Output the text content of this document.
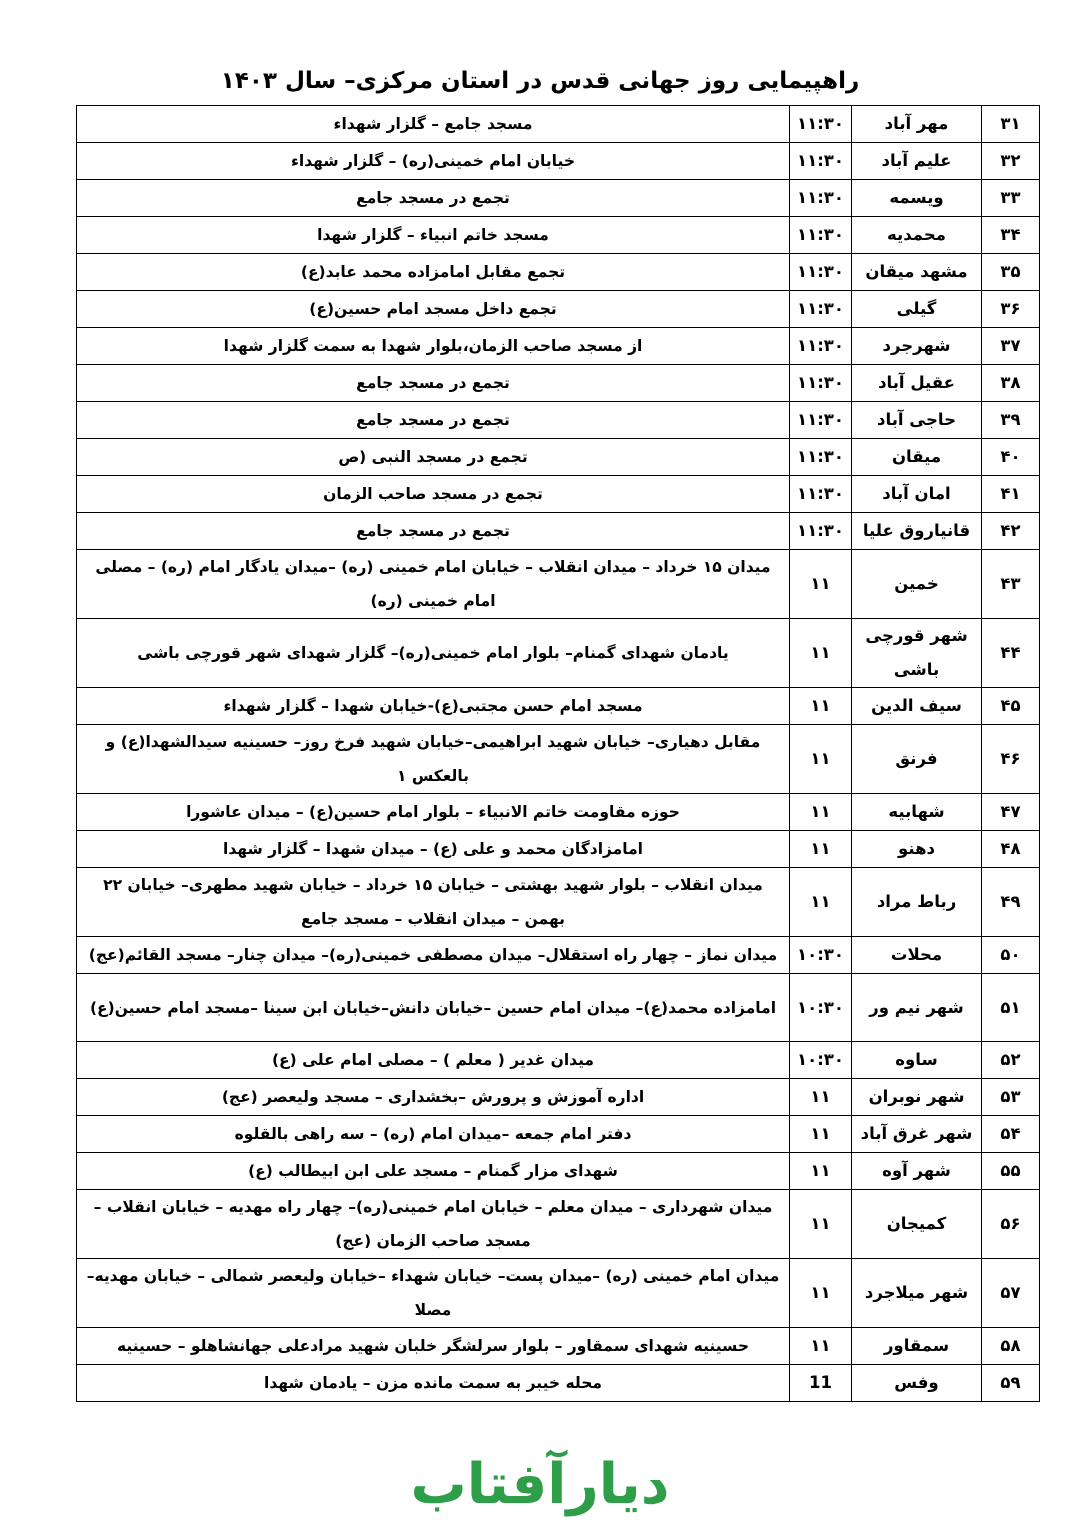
راهپیمایی روز جهانی قدس در استان مرکزی– سال ۱۴۰۳
۳۱	مهر آباد	۱۱:۳۰	مسجد جامع – گلزار شهداء
۳۲	علیم آباد	۱۱:۳۰	خیابان امام خمینی(ره) – گلزار شهداء
۳۳	ویسمه	۱۱:۳۰	تجمع در مسجد جامع
۳۴	محمدیه	۱۱:۳۰	مسجد خاتم انبیاء – گلزار شهدا
۳۵	مشهد میقان	۱۱:۳۰	تجمع مقابل امامزاده محمد عابد(ع)
۳۶	گیلی	۱۱:۳۰	تجمع داخل مسجد امام حسین(ع)
۳۷	شهرجرد	۱۱:۳۰	از مسجد صاحب الزمان،بلوار شهدا به سمت گلزار شهدا
۳۸	عقیل آباد	۱۱:۳۰	تجمع در مسجد جامع
۳۹	حاجی آباد	۱۱:۳۰	تجمع در مسجد جامع
۴۰	میقان	۱۱:۳۰	تجمع در مسجد النبی (ص
۴۱	امان آباد	۱۱:۳۰	تجمع در مسجد صاحب الزمان
۴۲	قانیاروق علیا	۱۱:۳۰	تجمع در مسجد جامع
۴۳	خمین	۱۱	میدان ۱۵ خرداد – میدان انقلاب – خیابان امام خمینی (ره) –میدان یادگار امام (ره) – مصلی امام خمینی (ره)
۴۴	شهر قورچی باشی	۱۱	یادمان شهدای گمنام– بلوار امام خمینی(ره)– گلزار شهدای شهر قورچی باشی
۴۵	سیف الدین	۱۱	مسجد امام حسن مجتبی(ع)-خیابان شهدا – گلزار شهداء
۴۶	فرنق	۱۱	مقابل دهیاری– خیابان شهید ابراهیمی–خیابان شهید فرخ روز– حسینیه سیدالشهدا(ع) و بالعکس ۱
۴۷	شهابیه	۱۱	حوزه مقاومت خاتم الانبیاء – بلوار امام حسین(ع) – میدان عاشورا
۴۸	دهنو	۱۱	امامزادگان محمد و علی (ع) – میدان شهدا – گلزار شهدا
۴۹	رباط مراد	۱۱	میدان انقلاب – بلوار شهید بهشتی – خیابان ۱۵ خرداد – خیابان شهید مطهری– خیابان ۲۲ بهمن – میدان انقلاب – مسجد جامع
۵۰	محلات	۱۰:۳۰	میدان نماز – چهار راه استقلال– میدان مصطفی خمینی(ره)– میدان چنار– مسجد القائم(عج)
۵۱	شهر نیم ور	۱۰:۳۰	امامزاده محمد(ع)– میدان امام حسین –خیابان دانش–خیابان ابن سینا –مسجد امام حسین(ع)
۵۲	ساوه	۱۰:۳۰	میدان غدیر ( معلم ) – مصلی امام علی (ع)
۵۳	شهر نوبران	۱۱	اداره آموزش و پرورش –بخشداری – مسجد ولیعصر (عج)
۵۴	شهر غرق آباد	۱۱	دفتر امام جمعه –میدان امام (ره) – سه راهی بالقلوه
۵۵	شهر آوه	۱۱	شهدای مزار گمنام – مسجد علی ابن ابیطالب (ع)
۵۶	کمیجان	۱۱	میدان شهرداری – میدان معلم – خیابان امام خمینی(ره)– چهار راه مهدیه – خیابان انقلاب – مسجد صاحب الزمان (عج)
۵۷	شهر میلاجرد	۱۱	میدان امام خمینی (ره) –میدان پست– خیابان شهداء –خیابان ولیعصر شمالی – خیابان مهدیه– مصلا
۵۸	سمقاور	۱۱	حسینیه شهدای سمقاور – بلوار سرلشگر خلبان شهید مرادعلی جهانشاهلو – حسینیه
۵۹	وفس	11	محله خیبر به سمت مانده مزن – یادمان شهدا
دیارآفتاب
